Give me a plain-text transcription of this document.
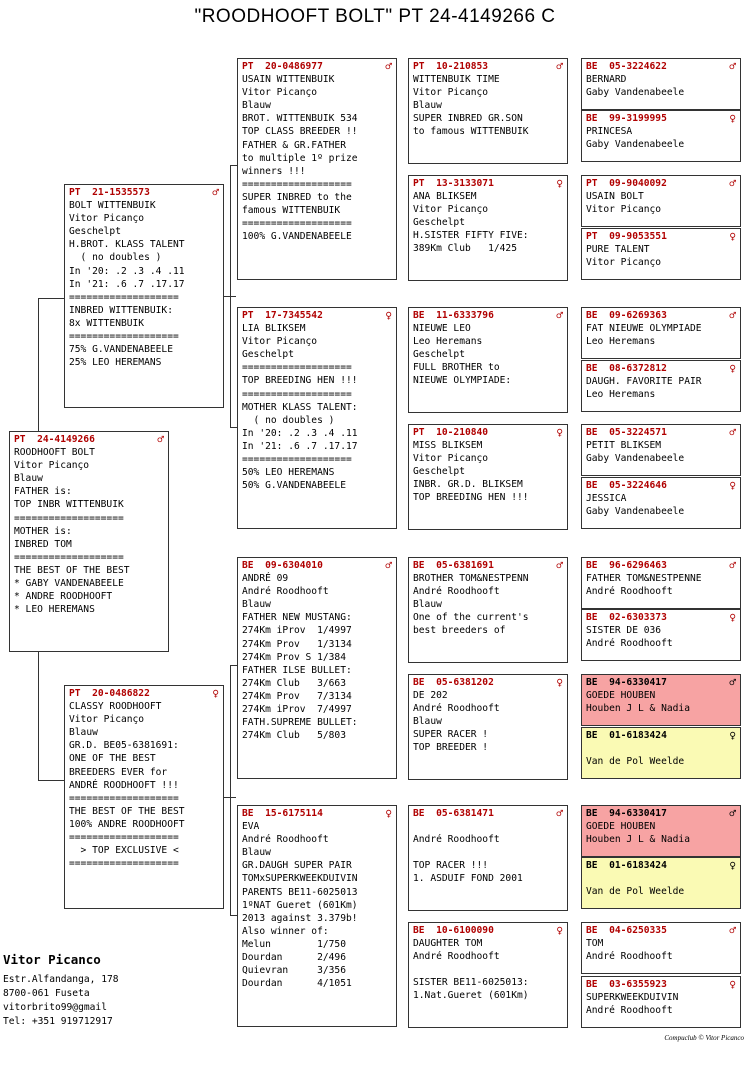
"ROODHOOFT BOLT" PT 24-4149266 C
PT  24-4149266	♂
ROODHOOFT BOLT
Vitor Picanço
Blauw
FATHER is:
TOP INBR WITTENBUIK
===================
MOTHER is:
INBRED TOM
===================
THE BEST OF THE BEST
* GABY VANDENABEELE
* ANDRE ROODHOOFT
* LEO HEREMANS
PT  21-1535573	♂
BOLT WITTENBUIK
Vitor Picanço
Geschelpt
H.BROT. KLASS TALENT
( no doubles )
In '20: .2 .3 .4 .11
In '21: .6 .7 .17.17
===================
INBRED WITTENBUIK:
8x WITTENBUIK
===================
75% G.VANDENABEELE
25% LEO HEREMANS
PT  20-0486822	♀
CLASSY ROODHOOFT
Vitor Picanço
Blauw
GR.D. BE05-6381691:
ONE OF THE BEST
BREEDERS EVER for
ANDRÉ ROODHOOFT !!!
===================
THE BEST OF THE BEST
100% ANDRE ROODHOOFT
===================
> TOP EXCLUSIVE <
===================
PT  20-0486977	♂
USAIN WITTENBUIK
Vitor Picanço
Blauw
BROT. WITTENBUIK 534
TOP CLASS BREEDER !!
FATHER & GR.FATHER
to multiple 1º prize
winners !!!
===================
SUPER INBRED to the
famous WITTENBUIK
===================
100% G.VANDENABEELE
PT  17-7345542	♀
LIA BLIKSEM
Vitor Picanço
Geschelpt
===================
TOP BREEDING HEN !!!
===================
MOTHER KLASS TALENT:
( no doubles )
In '20: .2 .3 .4 .11
In '21: .6 .7 .17.17
===================
50% LEO HEREMANS
50% G.VANDENABEELE
BE  09-6304010	♂
ANDRÉ 09
André Roodhooft
Blauw
FATHER NEW MUSTANG:
274Km iProv  1/4997
274Km Prov   1/3134
274Km Prov S 1/384
FATHER ILSE BULLET:
274Km Club   3/663
274Km Prov   7/3134
274Km iProv  7/4997
FATH.SUPREME BULLET:
274Km Club   5/803
BE  15-6175114	♀
EVA
André Roodhooft
Blauw
GR.DAUGH SUPER PAIR
TOMxSUPERKWEEKDUIVIN
PARENTS BE11-6025013
1ºNAT Gueret (601Km)
2013 against 3.379b!
Also winner of:
Melun        1/750
Dourdan      2/496
Quievran     3/356
Dourdan      4/1051
PT  10-210853	♂
WITTENBUIK TIME
Vitor Picanço
Blauw
SUPER INBRED GR.SON
to famous WITTENBUIK
PT  13-3133071	♀
ANA BLIKSEM
Vitor Picanço
Geschelpt
H.SISTER FIFTY FIVE:
389Km Club   1/425
BE  11-6333796	♂
NIEUWE LEO
Leo Heremans
Geschelpt
FULL BROTHER to
NIEUWE OLYMPIADE:
PT  10-210840	♀
MISS BLIKSEM
Vitor Picanço
Geschelpt
INBR. GR.D. BLIKSEM
TOP BREEDING HEN !!!
BE  05-6381691	♂
BROTHER TOM&NESTPENN
André Roodhooft
Blauw
One of the current's
best breeders of
BE  05-6381202	♀
DE 202
André Roodhooft
Blauw
SUPER RACER !
TOP BREEDER !
BE  05-6381471	♂
André Roodhooft
TOP RACER !!!
1. ASDUIF FOND 2001
BE  10-6100090	♀
DAUGHTER TOM
André Roodhooft
SISTER BE11-6025013:
1.Nat.Gueret (601Km)
BE  05-3224622	♂
BERNARD
Gaby Vandenabeele
BE  99-3199995	♀
PRINCESA
Gaby Vandenabeele
PT  09-9040092	♂
USAIN BOLT
Vitor Picanço
PT  09-9053551	♀
PURE TALENT
Vitor Picanço
BE  09-6269363	♂
FAT NIEUWE OLYMPIADE
Leo Heremans
BE  08-6372812	♀
DAUGH. FAVORITE PAIR
Leo Heremans
BE  05-3224571	♂
PETIT BLIKSEM
Gaby Vandenabeele
BE  05-3224646	♀
JESSICA
Gaby Vandenabeele
BE  96-6296463	♂
FATHER TOM&NESTPENNE
André Roodhooft
BE  02-6303373	♀
SISTER DE 036
André Roodhooft
BE  94-6330417	♂
GOEDE HOUBEN
Houben J L & Nadia
BE  01-6183424	♀
Van de Pol Weelde
BE  94-6330417	♂
GOEDE HOUBEN
Houben J L & Nadia
BE  01-6183424	♀
Van de Pol Weelde
BE  04-6250335	♂
TOM
André Roodhooft
BE  03-6355923	♀
SUPERKWEEKDUIVIN
André Roodhooft
Vitor Picanco
Estr.Alfandanga, 178
8700-061 Fuseta
vitorbrito99@gmail
Tel: +351 919712917
Compuclub © Vitor Picanco
